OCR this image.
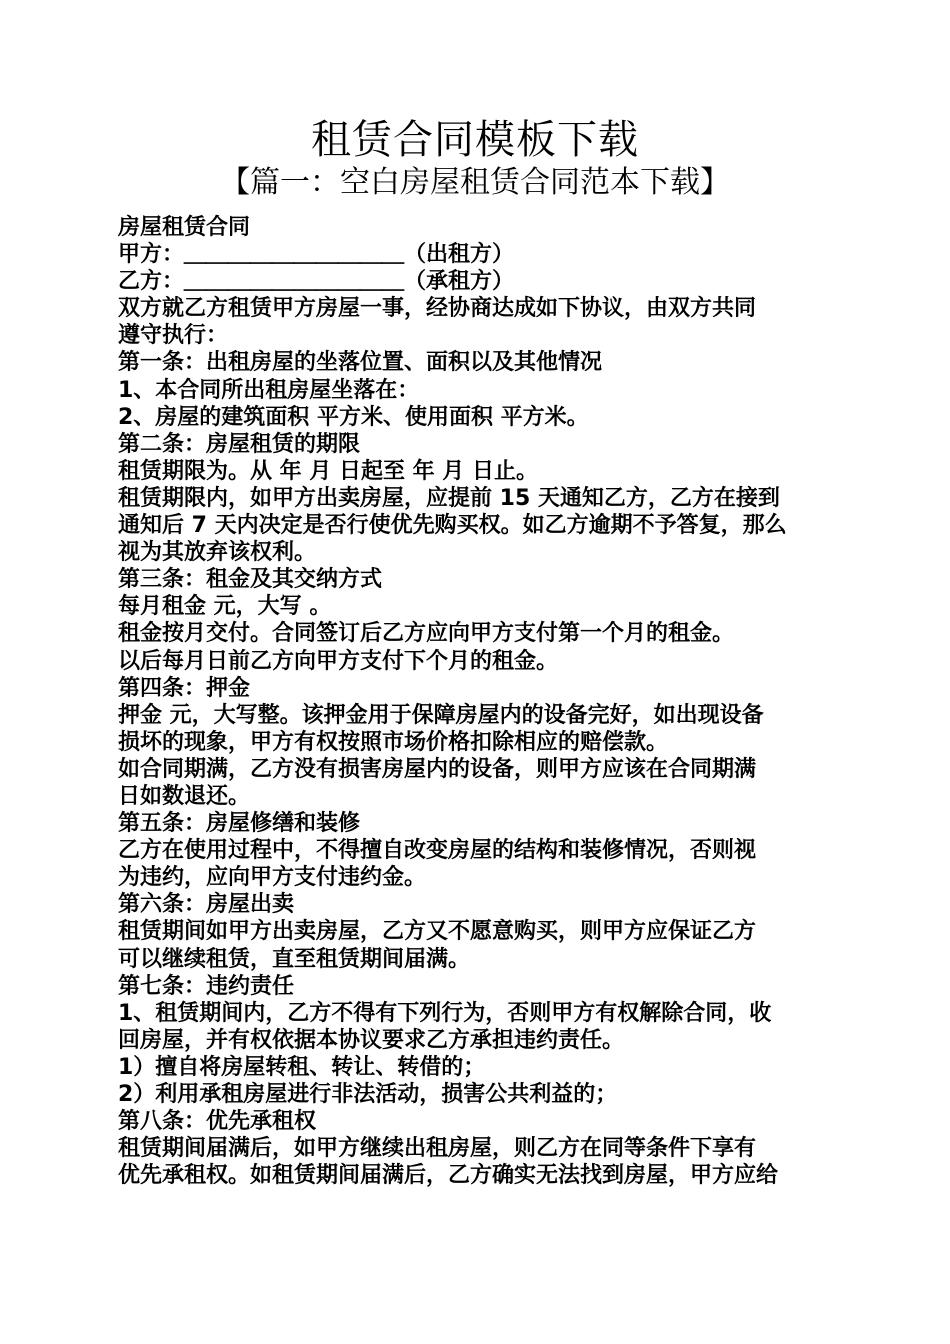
租赁合同模板下载
【篇一：空白房屋租赁合同范本下载】
房屋租赁合同
甲方：＿＿＿＿＿＿＿＿＿＿（出租方）
乙方：＿＿＿＿＿＿＿＿＿＿（承租方）
双方就乙方租赁甲方房屋一事，经协商达成如下协议，由双方共同
遵守执行：
第一条：出租房屋的坐落位置、面积以及其他情况
1、本合同所出租房屋坐落在：
2、房屋的建筑面积 平方米、使用面积 平方米。
第二条：房屋租赁的期限
租赁期限为。从 年 月 日起至 年 月 日止。
租赁期限内，如甲方出卖房屋，应提前 15 天通知乙方，乙方在接到
通知后 7 天内决定是否行使优先购买权。如乙方逾期不予答复，那么
视为其放弃该权利。
第三条：租金及其交纳方式
每月租金 元，大写 。
租金按月交付。合同签订后乙方应向甲方支付第一个月的租金。
以后每月日前乙方向甲方支付下个月的租金。
第四条：押金
押金 元，大写整。该押金用于保障房屋内的设备完好，如出现设备
损坏的现象，甲方有权按照市场价格扣除相应的赔偿款。
如合同期满，乙方没有损害房屋内的设备，则甲方应该在合同期满
日如数退还。
第五条：房屋修缮和装修
乙方在使用过程中，不得擅自改变房屋的结构和装修情况，否则视
为违约，应向甲方支付违约金。
第六条：房屋出卖
租赁期间如甲方出卖房屋，乙方又不愿意购买，则甲方应保证乙方
可以继续租赁，直至租赁期间届满。
第七条：违约责任
1、租赁期间内，乙方不得有下列行为，否则甲方有权解除合同，收
回房屋，并有权依据本协议要求乙方承担违约责任。
1）擅自将房屋转租、转让、转借的；
2）利用承租房屋进行非法活动，损害公共利益的；
第八条：优先承租权
租赁期间届满后，如甲方继续出租房屋，则乙方在同等条件下享有
优先承租权。如租赁期间届满后，乙方确实无法找到房屋，甲方应给
